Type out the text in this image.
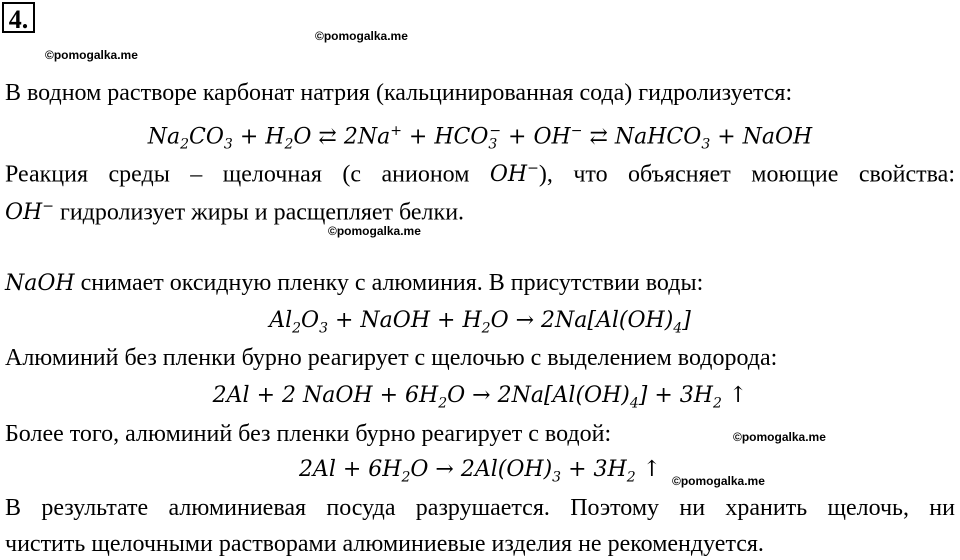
4.
©pomogalka.me
©pomogalka.me
В водном растворе карбонат натрия (кальцинированная сода) гидролизуется:
$Na_2CO_3 + H_2O$ ⇄ $2Na^+ + HCO_3^- + OH^-$ ⇄ NaHCO$_3$ + NaOH
Реакция среды – щелочная (с анионом OH−), что объясняет моющие свойства:
OH− гидролизует жиры и расщепляет белки.
©pomogalka.me
NaOH снимает оксидную пленку с алюминия. В присутствии воды:
$Al_2O_3$ + NaOH + $H_2O \to 2Na[Al(OH)_4]$
Алюминий без пленки бурно реагирует с щелочью с выделением водорода:
2Al + 2 NaOH + $6H_2O \to 2Na[Al(OH)_4] + 3H_2$ ↑
Более того, алюминий без пленки бурно реагирует с водой:	©pomogalka.me
$2Al + 6H_2O \to 2Al(OH)_3 + 3H_2$ ↑ ©pomogalka.me
В результате алюминиевая посуда разрушается. Поэтому ни хранить щелочь, ни
чистить щелочными растворами алюминиевые изделия не рекомендуется.
